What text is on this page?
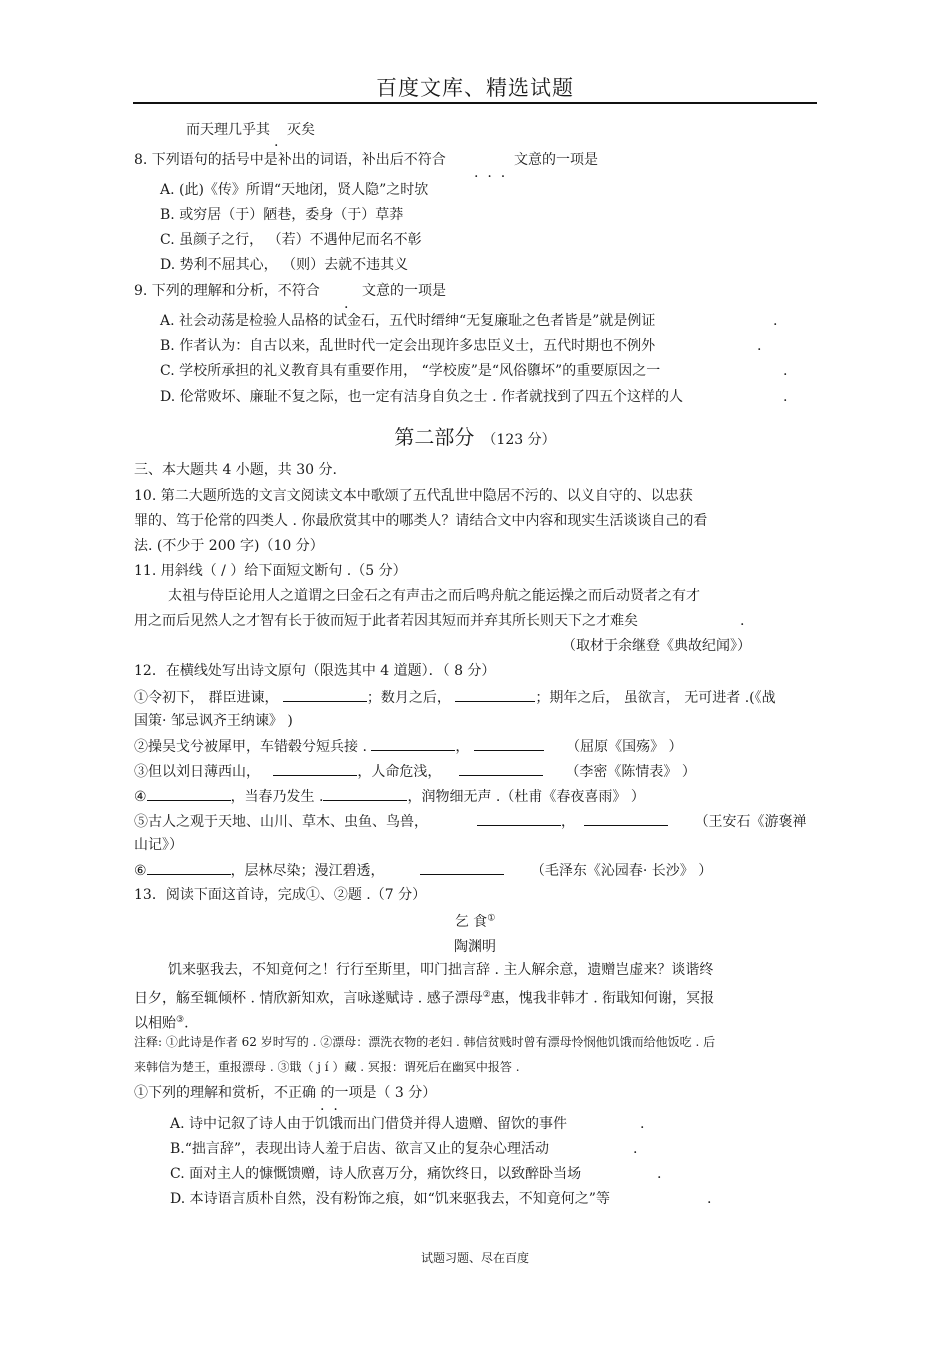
百度文库、精选试题
而天理几乎其
.
灭矣
8. 下列语句的括号中是补出的词语，补出后不符合
.  .  .
文意的一项是
A. (此)《传》所谓“天地闭，贤人隐”之时欤
B. 或穷居（于）陋巷，委身（于）草莽
C. 虽颜子之行， （若）不遇仲尼而名不彰
D. 势利不屈其心， （则）去就不违其义
9. 下列的理解和分析，不符合
.
文意的一项是
A. 社会动荡是检验人品格的试金石，五代时缙绅“无复廉耻之色者皆是”就是例证	.
B. 作者认为：自古以来，乱世时代一定会出现许多忠臣义士，五代时期也不例外	.
C. 学校所承担的礼义教育具有重要作用， “学校废”是“风俗隳坏”的重要原因之一	.
D. 伦常败坏、廉耻不复之际，也一定有洁身自负之士 . 作者就找到了四五个这样的人	.
第二部分 （123 分）
三、本大题共 4 小题，共 30 分.
10. 第二大题所选的文言文阅读文本中歌颂了五代乱世中隐居不污的、以义自守的、以忠获
罪的、笃于伦常的四类人 . 你最欣赏其中的哪类人？请结合文中内容和现实生活谈谈自己的看
法. (不少于 200 字)（10 分）
11. 用斜线（ / ）给下面短文断句 .（5 分）
太祖与侍臣论用人之道谓之曰金石之有声击之而后鸣舟航之能运操之而后动贤者之有才
用之而后见然人之才智有长于彼而短于此者若因其短而并弃其所长则天下之才难矣	.
（取材于余继登《典故纪闻》）
12．在横线处写出诗文原句（限选其中 4 道题）．（ 8 分）
①令初下， 群臣进谏，	；数月之后，	；期年之后， 虽欲言， 无可进者 .(《战
国策· 邹忌讽齐王纳谏》 )
②操吴戈兮被犀甲，车错毂兮短兵接 .	，	（屈原《国殇》 ）
③但以刘日薄西山，	，人命危浅，	（李密《陈情表》 ）
④	，当春乃发生 .	，润物细无声 .（杜甫《春夜喜雨》 ）
⑤古人之观于天地、山川、草木、虫鱼、鸟兽，	，	（王安石《游褒禅
山记》）
⑥	，层林尽染；漫江碧透，	（毛泽东《沁园春· 长沙》 ）
13．阅读下面这首诗，完成①、②题 .（7 分）
乞 食①
陶渊明
饥来驱我去，不知竟何之！行行至斯里，叩门拙言辞 . 主人解余意，遗赠岂虚来？谈谐终
日夕，觞至辄倾杯 . 情欣新知欢，言咏遂赋诗 . 感子漂母②惠，愧我非韩才 . 衔戢知何谢，冥报
以相贻③.
注释: ①此诗是作者 62 岁时写的 . ②漂母：漂洗衣物的老妇 . 韩信贫贱时曾有漂母怜悯他饥饿而给他饭吃 . 后
来韩信为楚王，重报漂母 . ③戢（ j í ）藏 . 冥报：谓死后在幽冥中报答 .
①下列的理解和赏析，不正确 的一项是（ 3 分）
.  .
A. 诗中记叙了诗人由于饥饿而出门借贷并得人遗赠、留饮的事件	.
B.“拙言辞”，表现出诗人羞于启齿、欲言又止的复杂心理活动	.
C. 面对主人的慷慨馈赠，诗人欣喜万分，痛饮终日，以致醉卧当场	.
D. 本诗语言质朴自然，没有粉饰之痕，如“饥来驱我去，不知竟何之”等	.
试题习题、尽在百度
